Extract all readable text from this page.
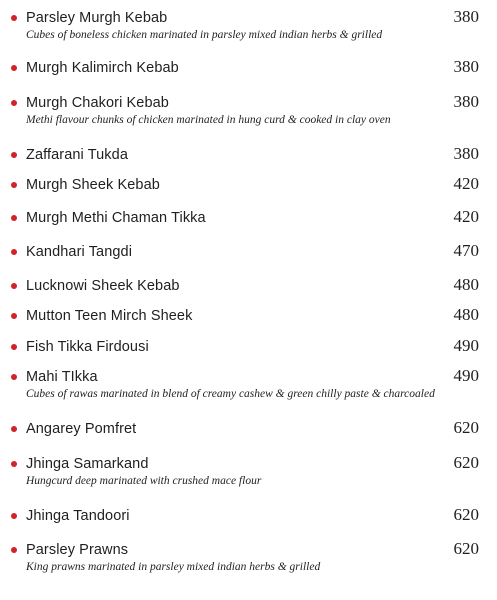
Parsley Murgh Kebab	380
Cubes of boneless chicken marinated in parsley mixed indian herbs & grilled
Murgh Kalimirch Kebab	380
Murgh Chakori Kebab	380
Methi flavour chunks of chicken marinated in hung curd & cooked in clay oven
Zaffarani Tukda	380
Murgh Sheek Kebab	420
Murgh Methi Chaman Tikka	420
Kandhari Tangdi	470
Lucknowi Sheek Kebab	480
Mutton Teen Mirch Sheek	480
Fish Tikka Firdousi	490
Mahi TIkka	490
Cubes of rawas marinated in blend of creamy cashew & green chilly paste & charcoaled
Angarey Pomfret	620
Jhinga Samarkand	620
Hungcurd deep marinated with crushed mace flour
Jhinga Tandoori	620
Parsley Prawns	620
King prawns marinated in parsley mixed indian herbs & grilled
